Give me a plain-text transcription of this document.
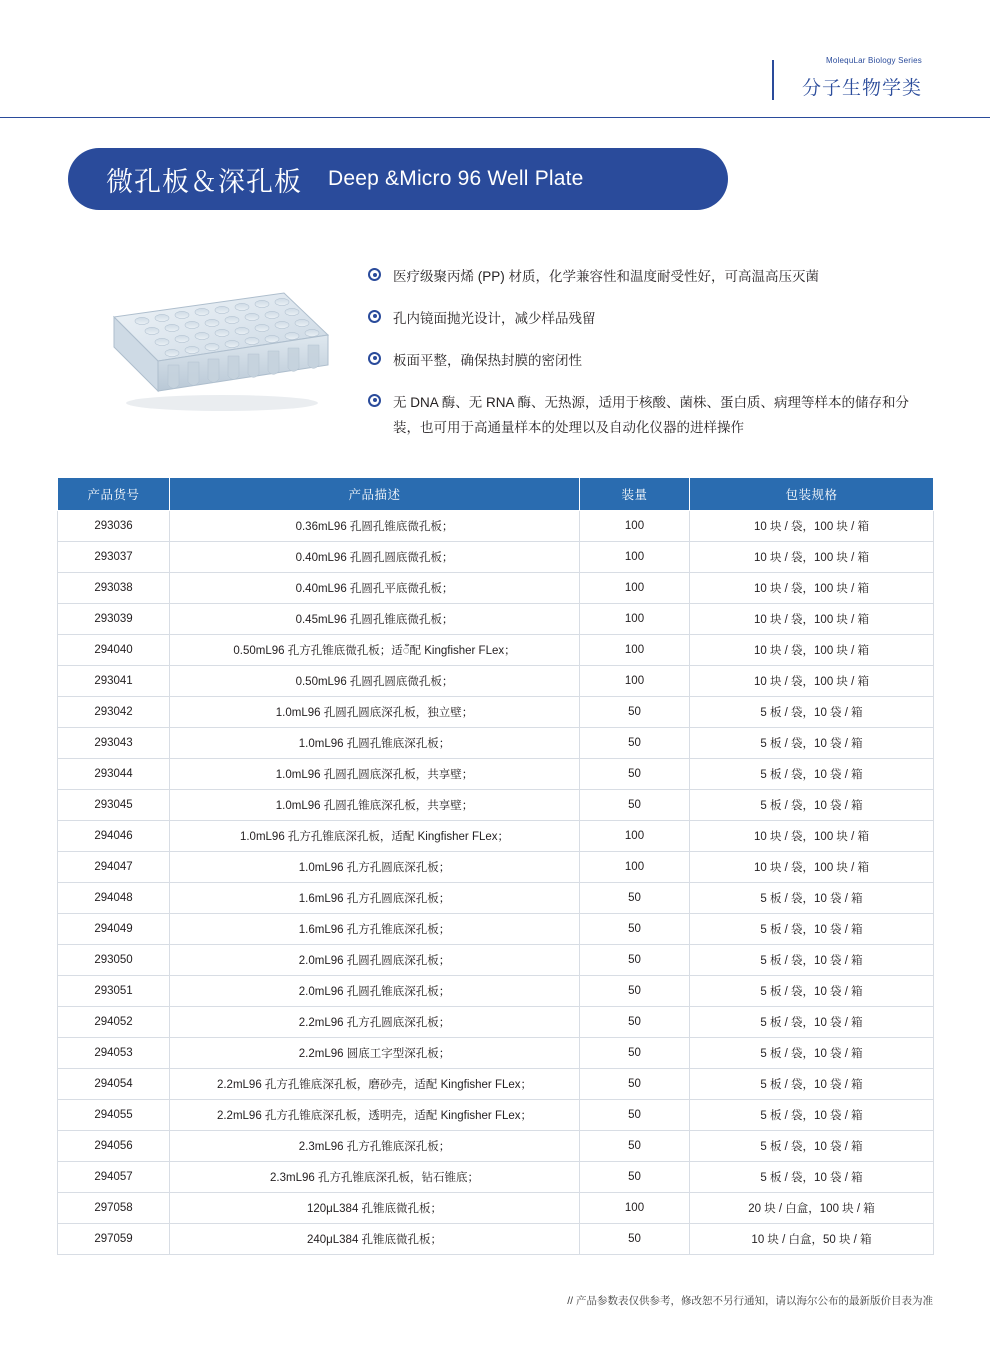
MolequLar Biology Series
分子生物学类
微孔板＆深孔板 Deep &Micro 96 Well Plate
医疗级聚丙烯 (PP) 材质，化学兼容性和温度耐受性好，可高温高压灭菌
孔内镜面抛光设计，减少样品残留
板面平整，确保热封膜的密闭性
无 DNA 酶、无 RNA 酶、无热源，适用于核酸、菌株、蛋白质、病理等样本的储存和分装，也可用于高通量样本的处理以及自动化仪器的进样操作
产品货号	产品描述	装量	包装规格
293036	0.36mL96 孔圆孔锥底微孔板；	100	10 块 / 袋，100 块 / 箱
293037	0.40mL96 孔圆孔圆底微孔板；	100	10 块 / 袋，100 块 / 箱
293038	0.40mL96 孔圆孔平底微孔板；	100	10 块 / 袋，100 块 / 箱
293039	0.45mL96 孔圆孔锥底微孔板；	100	10 块 / 袋，100 块 / 箱
294040	0.50mL96 孔方孔锥底微孔板；适ँ配 Kingfisher FLex；	100	10 块 / 袋，100 块 / 箱
293041	0.50mL96 孔圆孔圆底微孔板；	100	10 块 / 袋，100 块 / 箱
293042	1.0mL96 孔圆孔圆底深孔板，独立壁；	50	5 板 / 袋，10 袋 / 箱
293043	1.0mL96 孔圆孔锥底深孔板；	50	5 板 / 袋，10 袋 / 箱
293044	1.0mL96 孔圆孔圆底深孔板，共享壁；	50	5 板 / 袋，10 袋 / 箱
293045	1.0mL96 孔圆孔锥底深孔板，共享壁；	50	5 板 / 袋，10 袋 / 箱
294046	1.0mL96 孔方孔锥底深孔板，适配 Kingfisher FLex；	100	10 块 / 袋，100 块 / 箱
294047	1.0mL96 孔方孔圆底深孔板；	100	10 块 / 袋，100 块 / 箱
294048	1.6mL96 孔方孔圆底深孔板；	50	5 板 / 袋，10 袋 / 箱
294049	1.6mL96 孔方孔锥底深孔板；	50	5 板 / 袋，10 袋 / 箱
293050	2.0mL96 孔圆孔圆底深孔板；	50	5 板 / 袋，10 袋 / 箱
293051	2.0mL96 孔圆孔锥底深孔板；	50	5 板 / 袋，10 袋 / 箱
294052	2.2mL96 孔方孔圆底深孔板；	50	5 板 / 袋，10 袋 / 箱
294053	2.2mL96 圆底工字型深孔板；	50	5 板 / 袋，10 袋 / 箱
294054	2.2mL96 孔方孔锥底深孔板，磨砂壳，适配 Kingfisher FLex；	50	5 板 / 袋，10 袋 / 箱
294055	2.2mL96 孔方孔锥底深孔板，透明壳，适配 Kingfisher FLex；	50	5 板 / 袋，10 袋 / 箱
294056	2.3mL96 孔方孔锥底深孔板；	50	5 板 / 袋，10 袋 / 箱
294057	2.3mL96 孔方孔锥底深孔板，钻石锥底；	50	5 板 / 袋，10 袋 / 箱
297058	120μL384 孔锥底微孔板；	100	20 块 / 白盒，100 块 / 箱
297059	240μL384 孔锥底微孔板；	50	10 块 / 白盒，50 块 / 箱
// 产品参数表仅供参考，修改恕不另行通知，请以海尔公布的最新版价目表为准
